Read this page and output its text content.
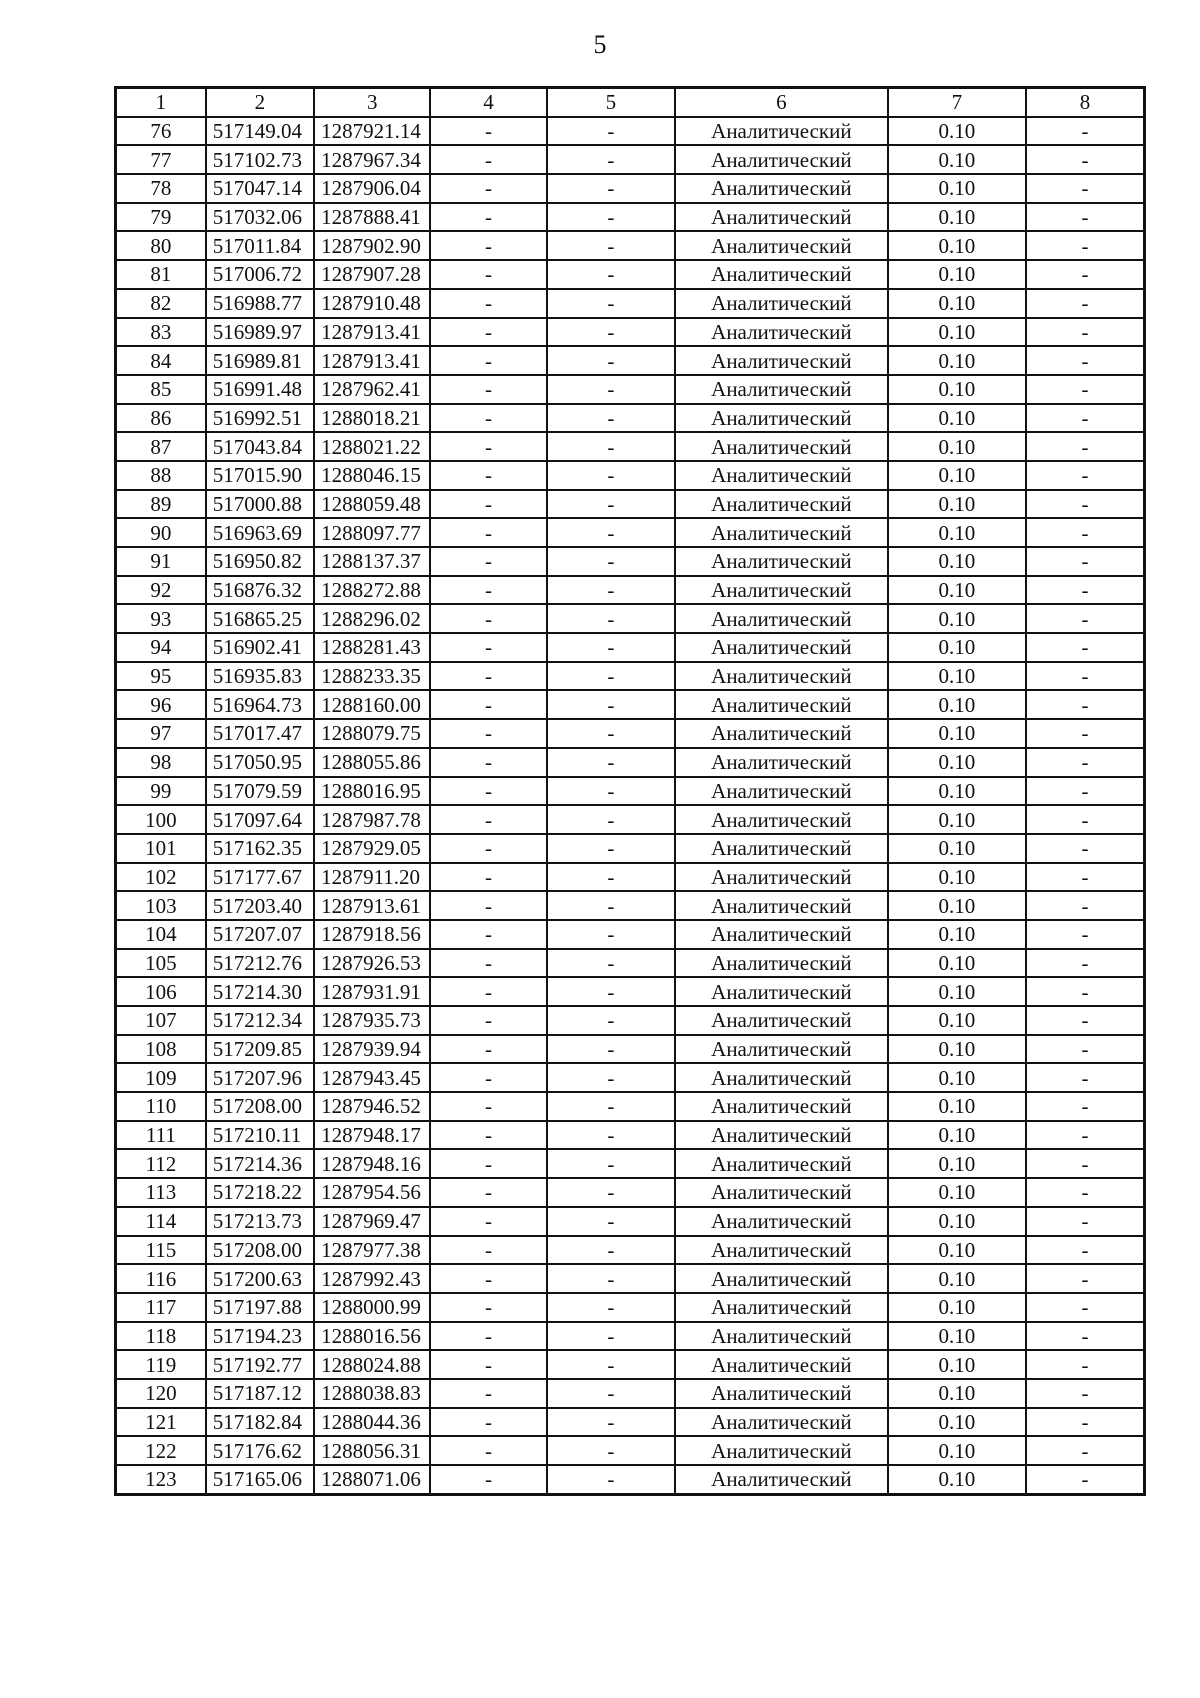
5
1	2	3	4	5	6	7	8
76	517149.04	1287921.14	-	-	Аналитический	0.10	-
77	517102.73	1287967.34	-	-	Аналитический	0.10	-
78	517047.14	1287906.04	-	-	Аналитический	0.10	-
79	517032.06	1287888.41	-	-	Аналитический	0.10	-
80	517011.84	1287902.90	-	-	Аналитический	0.10	-
81	517006.72	1287907.28	-	-	Аналитический	0.10	-
82	516988.77	1287910.48	-	-	Аналитический	0.10	-
83	516989.97	1287913.41	-	-	Аналитический	0.10	-
84	516989.81	1287913.41	-	-	Аналитический	0.10	-
85	516991.48	1287962.41	-	-	Аналитический	0.10	-
86	516992.51	1288018.21	-	-	Аналитический	0.10	-
87	517043.84	1288021.22	-	-	Аналитический	0.10	-
88	517015.90	1288046.15	-	-	Аналитический	0.10	-
89	517000.88	1288059.48	-	-	Аналитический	0.10	-
90	516963.69	1288097.77	-	-	Аналитический	0.10	-
91	516950.82	1288137.37	-	-	Аналитический	0.10	-
92	516876.32	1288272.88	-	-	Аналитический	0.10	-
93	516865.25	1288296.02	-	-	Аналитический	0.10	-
94	516902.41	1288281.43	-	-	Аналитический	0.10	-
95	516935.83	1288233.35	-	-	Аналитический	0.10	-
96	516964.73	1288160.00	-	-	Аналитический	0.10	-
97	517017.47	1288079.75	-	-	Аналитический	0.10	-
98	517050.95	1288055.86	-	-	Аналитический	0.10	-
99	517079.59	1288016.95	-	-	Аналитический	0.10	-
100	517097.64	1287987.78	-	-	Аналитический	0.10	-
101	517162.35	1287929.05	-	-	Аналитический	0.10	-
102	517177.67	1287911.20	-	-	Аналитический	0.10	-
103	517203.40	1287913.61	-	-	Аналитический	0.10	-
104	517207.07	1287918.56	-	-	Аналитический	0.10	-
105	517212.76	1287926.53	-	-	Аналитический	0.10	-
106	517214.30	1287931.91	-	-	Аналитический	0.10	-
107	517212.34	1287935.73	-	-	Аналитический	0.10	-
108	517209.85	1287939.94	-	-	Аналитический	0.10	-
109	517207.96	1287943.45	-	-	Аналитический	0.10	-
110	517208.00	1287946.52	-	-	Аналитический	0.10	-
111	517210.11	1287948.17	-	-	Аналитический	0.10	-
112	517214.36	1287948.16	-	-	Аналитический	0.10	-
113	517218.22	1287954.56	-	-	Аналитический	0.10	-
114	517213.73	1287969.47	-	-	Аналитический	0.10	-
115	517208.00	1287977.38	-	-	Аналитический	0.10	-
116	517200.63	1287992.43	-	-	Аналитический	0.10	-
117	517197.88	1288000.99	-	-	Аналитический	0.10	-
118	517194.23	1288016.56	-	-	Аналитический	0.10	-
119	517192.77	1288024.88	-	-	Аналитический	0.10	-
120	517187.12	1288038.83	-	-	Аналитический	0.10	-
121	517182.84	1288044.36	-	-	Аналитический	0.10	-
122	517176.62	1288056.31	-	-	Аналитический	0.10	-
123	517165.06	1288071.06	-	-	Аналитический	0.10	-
